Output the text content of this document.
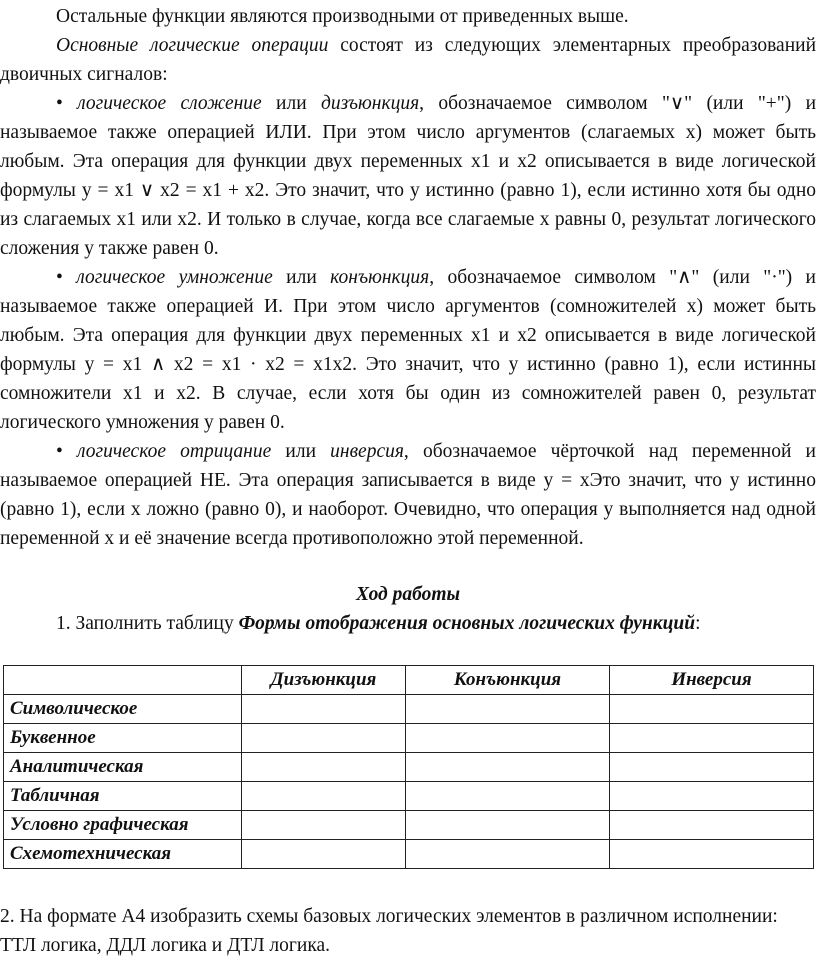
Остальные функции являются производными от приведенных выше.

Основные логические операции состоят из следующих элементарных преобразований двоичных сигналов:

• логическое сложение или дизъюнкция, обозначаемое символом "∨" (или "+") и называемое также операцией ИЛИ. При этом число аргументов (слагаемых x) может быть любым. Эта операция для функции двух переменных x1 и x2 описывается в виде логической формулы y = x1 ∨ x2 = x1 + x2. Это значит, что y истинно (равно 1), если истинно хотя бы одно из слагаемых x1 или x2. И только в случае, когда все слагаемые x равны 0, результат логического сложения y также равен 0.

• логическое умножение или конъюнкция, обозначаемое символом "∧" (или "·") и называемое также операцией И. При этом число аргументов (сомножителей x) может быть любым. Эта операция для функции двух переменных x1 и x2 описывается в виде логической формулы y = x1 ∧ x2 = x1 · x2 = x1x2. Это значит, что y истинно (равно 1), если истинны сомножители x1 и x2. В случае, если хотя бы один из сомножителей равен 0, результат логического умножения y равен 0.

• логическое отрицание или инверсия, обозначаемое чёрточкой над переменной и называемое операцией НЕ. Эта операция записывается в виде y = xЭто значит, что y истинно (равно 1), если x ложно (равно 0), и наоборот. Очевидно, что операция y выполняется над одной переменной x и её значение всегда противоположно этой переменной.

Ход работы

1. Заполнить таблицу Формы отображения основных логических функций:

	Дизъюнкция	Конъюнкция	Инверсия
Символическое			
Буквенное			
Аналитическая			
Табличная			
Условно графическая			
Схемотехническая			

2. На формате А4 изобразить схемы базовых логических элементов в различном исполнении: ТТЛ логика, ДДЛ логика и ДТЛ логика.
